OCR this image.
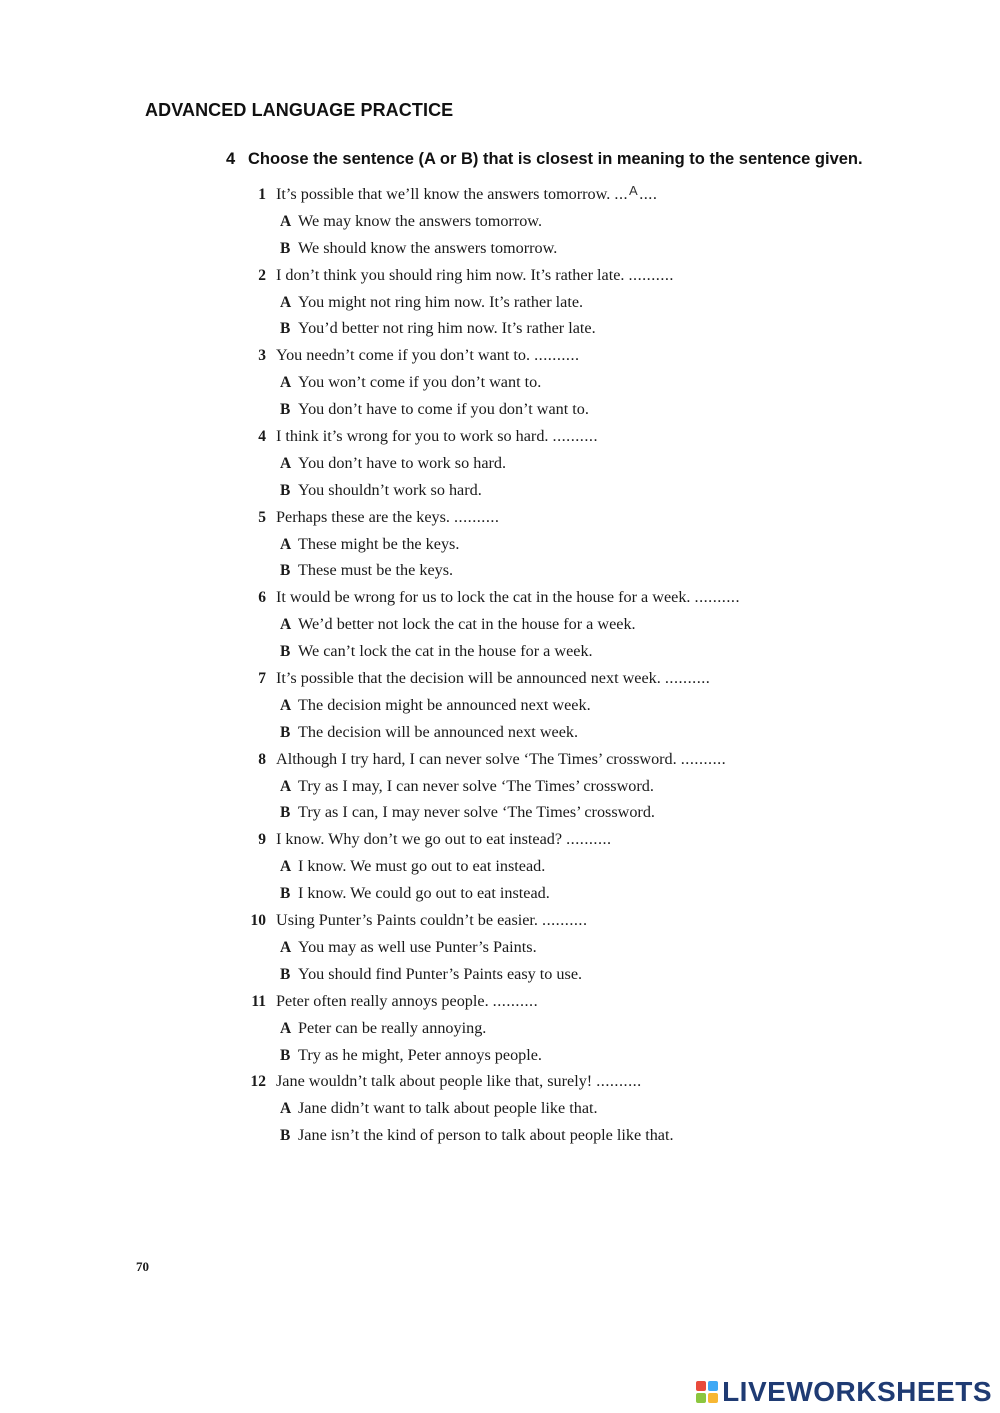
ADVANCED LANGUAGE PRACTICE
4 Choose the sentence (A or B) that is closest in meaning to the sentence given.
1 It’s possible that we’ll know the answers tomorrow. ...$^A$....
A We may know the answers tomorrow.
B We should know the answers tomorrow.
2 I don’t think you should ring him now. It’s rather late. ..........
A You might not ring him now. It’s rather late.
B You’d better not ring him now. It’s rather late.
3 You needn’t come if you don’t want to. ..........
A You won’t come if you don’t want to.
B You don’t have to come if you don’t want to.
4 I think it’s wrong for you to work so hard. ..........
A You don’t have to work so hard.
B You shouldn’t work so hard.
5 Perhaps these are the keys. ..........
A These might be the keys.
B These must be the keys.
6 It would be wrong for us to lock the cat in the house for a week. ..........
A We’d better not lock the cat in the house for a week.
B We can’t lock the cat in the house for a week.
7 It’s possible that the decision will be announced next week. ..........
A The decision might be announced next week.
B The decision will be announced next week.
8 Although I try hard, I can never solve ‘The Times’ crossword. ..........
A Try as I may, I can never solve ‘The Times’ crossword.
B Try as I can, I may never solve ‘The Times’ crossword.
9 I know. Why don’t we go out to eat instead? ..........
A I know. We must go out to eat instead.
B I know. We could go out to eat instead.
10 Using Punter’s Paints couldn’t be easier. ..........
A You may as well use Punter’s Paints.
B You should find Punter’s Paints easy to use.
11 Peter often really annoys people. ..........
A Peter can be really annoying.
B Try as he might, Peter annoys people.
12 Jane wouldn’t talk about people like that, surely! ..........
A Jane didn’t want to talk about people like that.
B Jane isn’t the kind of person to talk about people like that.
70
LIVEWORKSHEETS
